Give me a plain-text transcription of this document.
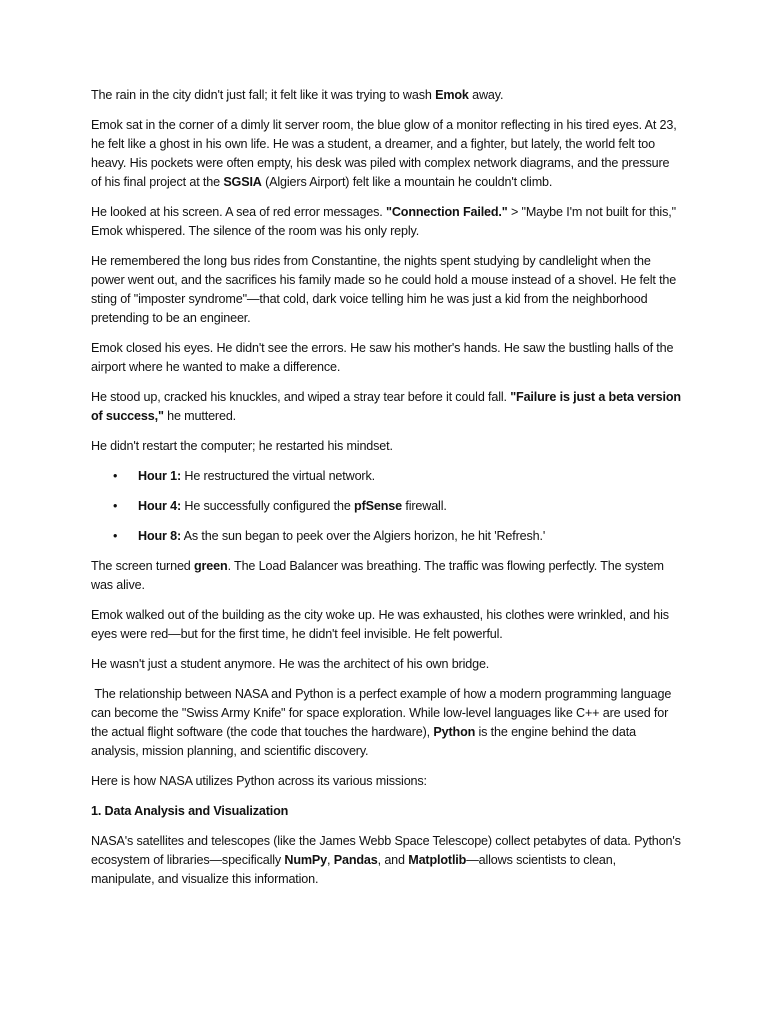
The rain in the city didn't just fall; it felt like it was trying to wash Emok away.

Emok sat in the corner of a dimly lit server room, the blue glow of a monitor reflecting in his tired eyes. At 23, he felt like a ghost in his own life. He was a student, a dreamer, and a fighter, but lately, the world felt too heavy. His pockets were often empty, his desk was piled with complex network diagrams, and the pressure of his final project at the SGSIA (Algiers Airport) felt like a mountain he couldn't climb.

He looked at his screen. A sea of red error messages. "Connection Failed." > "Maybe I'm not built for this," Emok whispered. The silence of the room was his only reply.

He remembered the long bus rides from Constantine, the nights spent studying by candlelight when the power went out, and the sacrifices his family made so he could hold a mouse instead of a shovel. He felt the sting of "imposter syndrome"—that cold, dark voice telling him he was just a kid from the neighborhood pretending to be an engineer.

Emok closed his eyes. He didn't see the errors. He saw his mother's hands. He saw the bustling halls of the airport where he wanted to make a difference.

He stood up, cracked his knuckles, and wiped a stray tear before it could fall. "Failure is just a beta version of success," he muttered.

He didn't restart the computer; he restarted his mindset.

• Hour 1: He restructured the virtual network.
• Hour 4: He successfully configured the pfSense firewall.
• Hour 8: As the sun began to peek over the Algiers horizon, he hit 'Refresh.'

The screen turned green. The Load Balancer was breathing. The traffic was flowing perfectly. The system was alive.

Emok walked out of the building as the city woke up. He was exhausted, his clothes were wrinkled, and his eyes were red—but for the first time, he didn't feel invisible. He felt powerful.

He wasn't just a student anymore. He was the architect of his own bridge.

The relationship between NASA and Python is a perfect example of how a modern programming language can become the "Swiss Army Knife" for space exploration. While low-level languages like C++ are used for the actual flight software (the code that touches the hardware), Python is the engine behind the data analysis, mission planning, and scientific discovery.

Here is how NASA utilizes Python across its various missions:

1. Data Analysis and Visualization

NASA's satellites and telescopes (like the James Webb Space Telescope) collect petabytes of data. Python's ecosystem of libraries—specifically NumPy, Pandas, and Matplotlib—allows scientists to clean, manipulate, and visualize this information.
